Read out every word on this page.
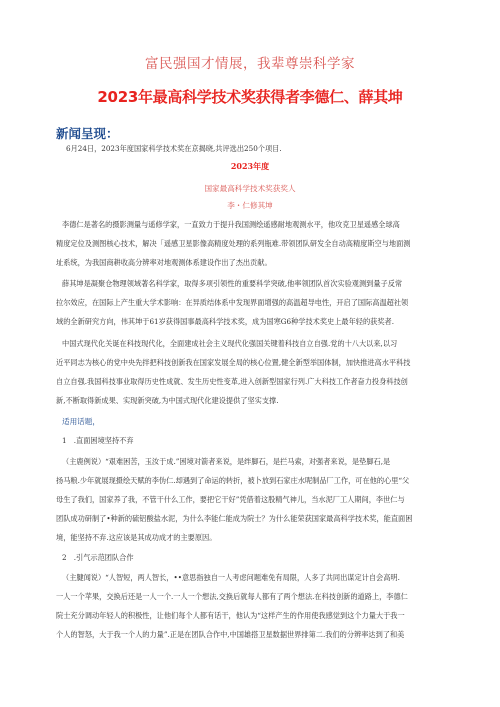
富民强国才情展，我辈尊崇科学家
2023年最高科学技术奖获得者李德仁、薛其坤
新闻呈现：
6月24日，2023年度国家科学技术奖在京揭晓,共评选出250个项目.
2023年度
国家最高科学技术奖获奖人
李・仁修其坤
李德仁是著名的摄影测量与遥修学家，一直致力于提升我国测绘遥感耐地观测水平，他攻克卫星遥感全球高
精度定位及测图核心技术，解决「遥感卫星影像高精度处理的系列瓶难.带领团队研发全自动高精度斯空与地面测
址系统，为我国商耕收高分辨率对地观测体系建设作出了杰出贡献。
薛其坤是凝聚仓物理领域著名科学家，取得多项引领性的重要科学突破,他率领团队首次实验观测到量子反常
拉尔效应，在国际上产生重大学术影响：在异质结体系中发现界面增强的高温超导电性，开启了国际高温超社领
域的全新研究方向，伟其坤于61岁获得国事最高科学技术奖，成为国寒G6种学技术奖史上最年轻的获奖者.
中国式现代化关诞在科技现代化，全面建成社会主义现代化强国关键着科技自立自强.党的十八大以来,以习
近平同志为核心的党中央先拌把科技创新我在国家发展全局的核心位置,健全新型举国体制，加快推进高水平科技
自立自强.我国科技事业取得历史性成就、发生历史性变革,进入创新型国家行列.广大科技工作者奋力投身科技创
新,不断取得新成果、实现新突破,为中国式现代化建设提供了坚实支撑.
适用话题，
1　.直面困境坚持不弃
（主鹿例说）“艰难困苦，玉汝于成.”困境对箭者来说，是绊脚石，是拦马索，对强者来说，是垫脚石,是
扬马粮.少年就展现摄绘天赋的李伪仁.却遇到了命运的转折，被卜放到石家庄水呢制品厂工作，可在他的心里“父
母生了我们，国家养了我，不管干什么工作，要把它干好”凭借着这股精气神儿，当水泥厂工人期间，李世仁与
团队成功研制了•种新的硫铝酸盐水泥，为什么李能仁能成为院士？为什么能荣获国家最高科学技术奖，能直面困
境，能坚持不弃.这应该是其成功成才的主要原因。
2　.引气示范团队合作
（主腱闻说）“人智短，两人智长，••意思指独自一人考虑问题难免有局限，人多了共同出谋定计自会高明.
一人一个苹果，交换后还是一人一个.一人一个想法,交换后就每人都有了两个想法.在科技创新的道路上，李德仁
院士充分调动年轻人的积极性，让他们每个人都有话干，他认为“这样产生的作用使我感觉到这个力量大于我一
个人的智怒，大于我一个人的力量”.正是在团队合作中,中国雄搭卫星数据世界排第二.我们的分辨率达到了和美
